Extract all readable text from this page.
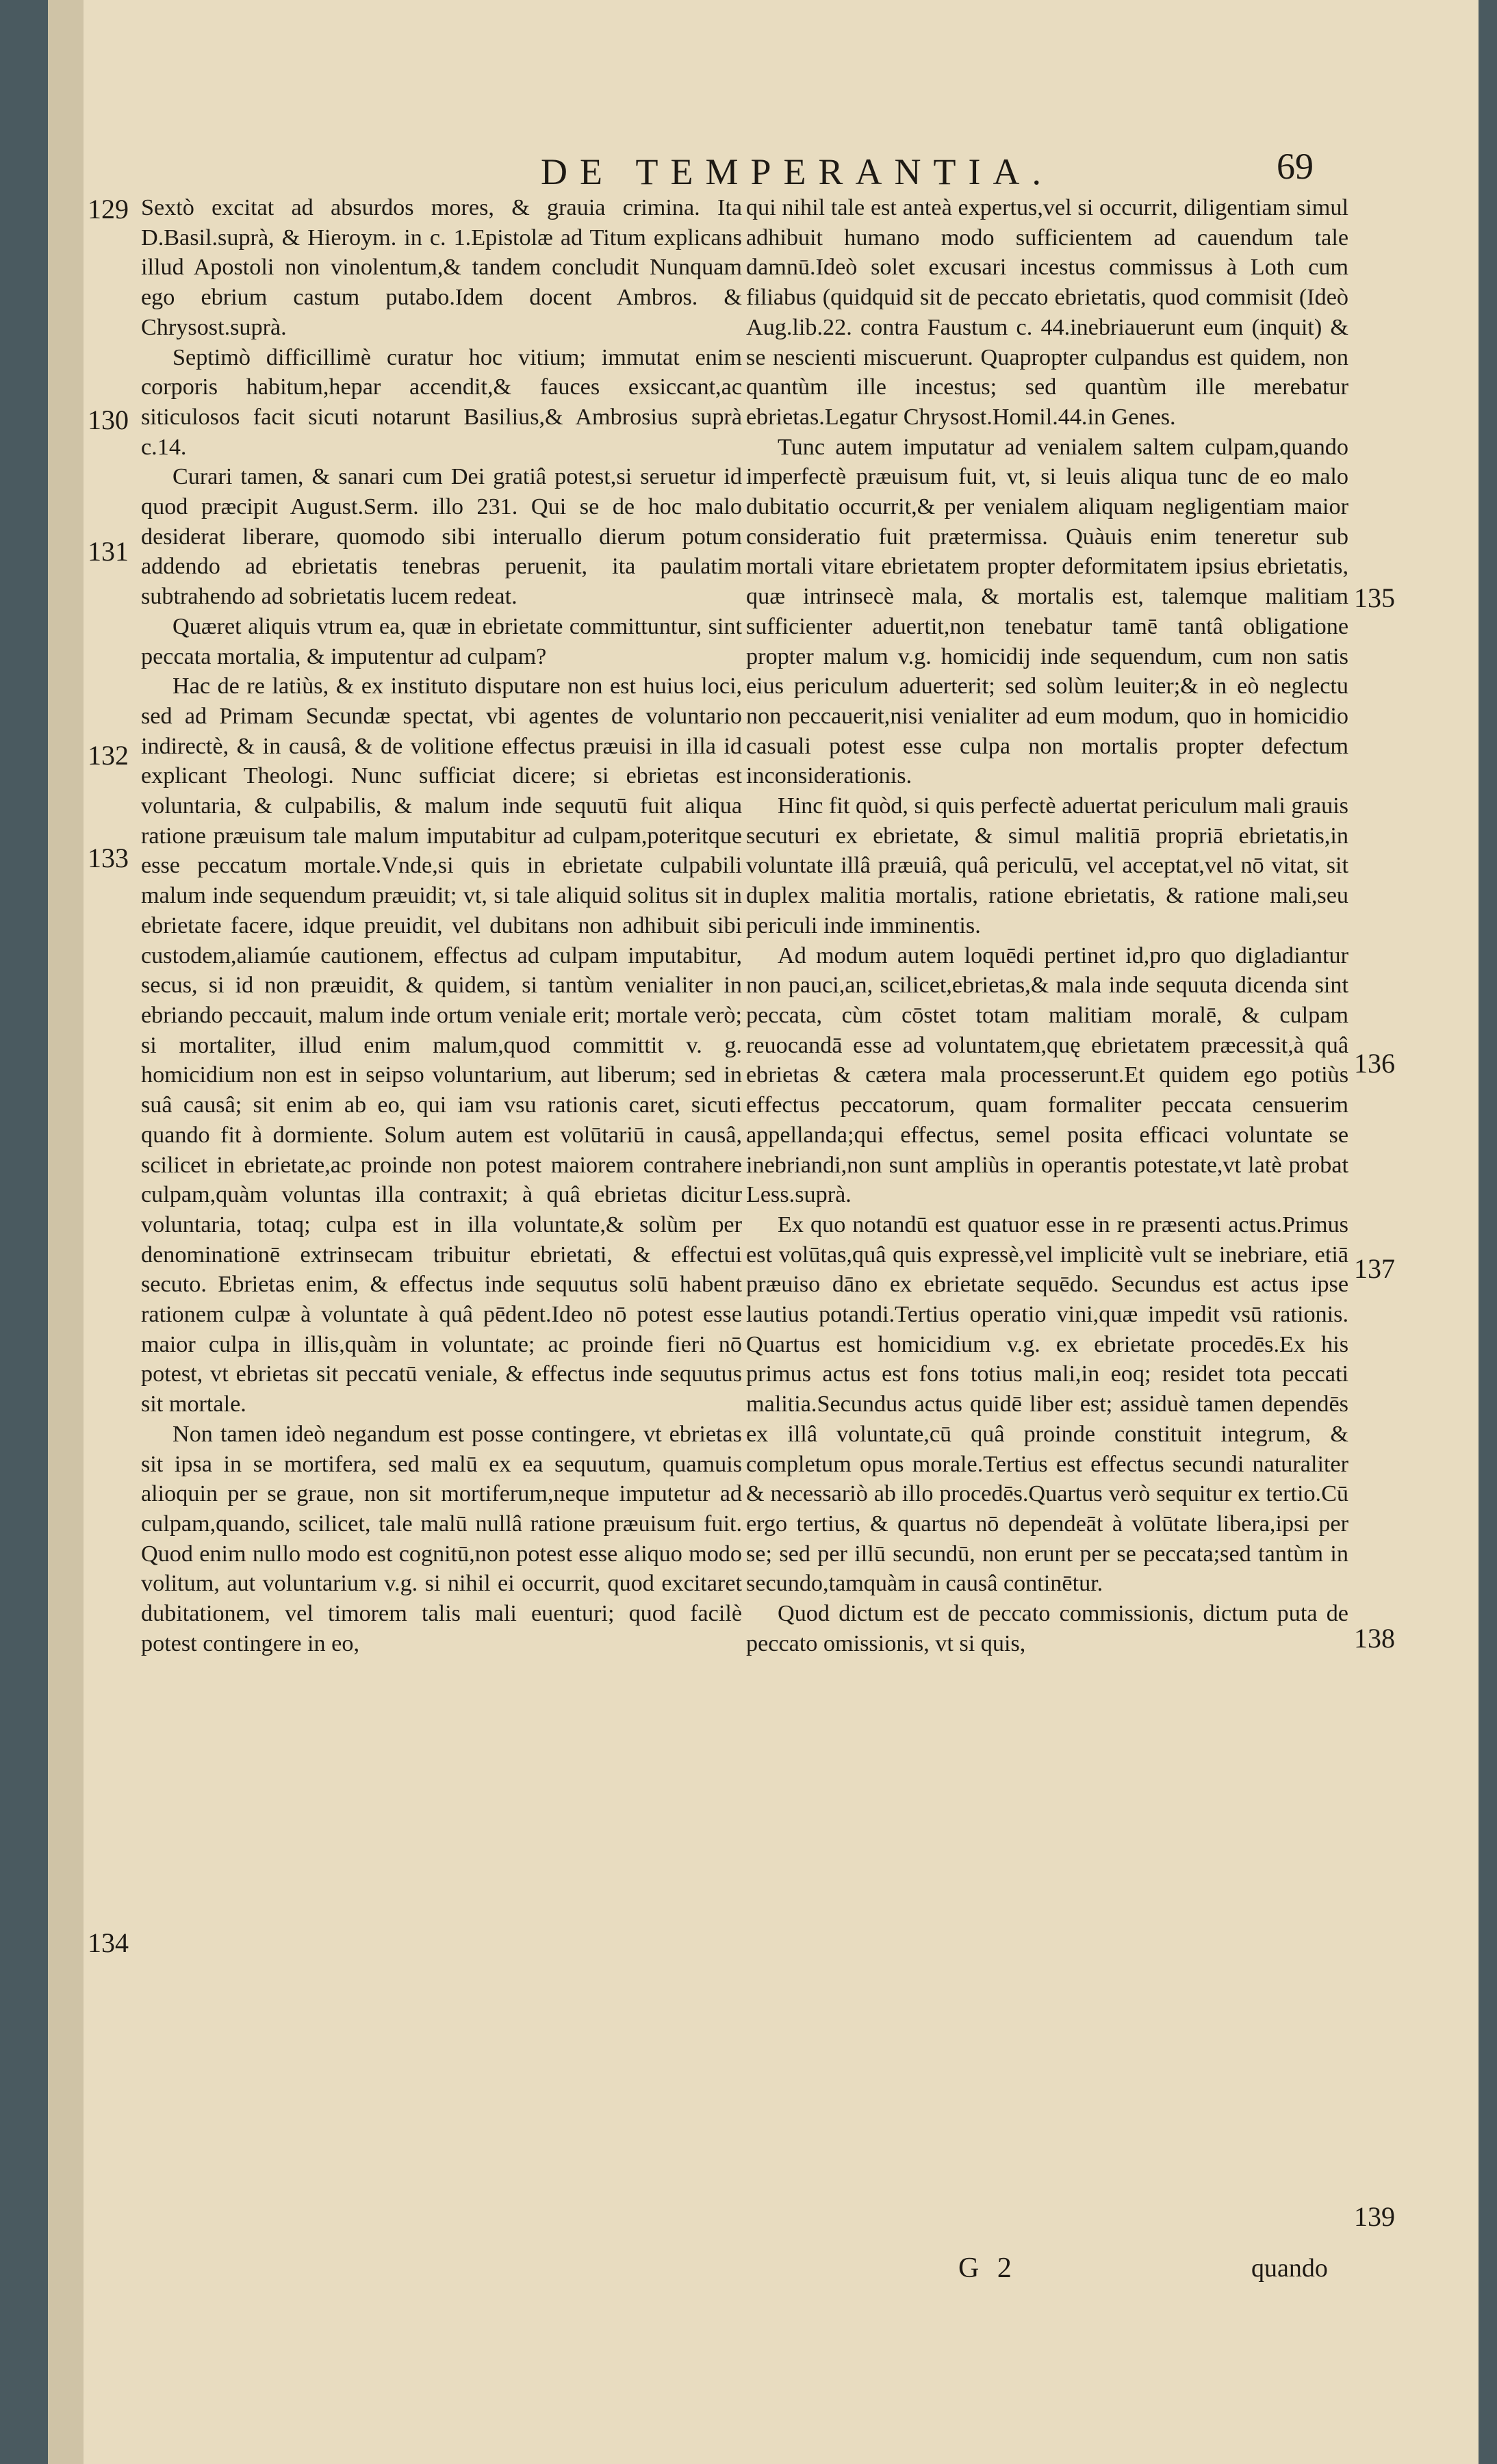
DE TEMPERANTIA.	69
129
130
131
132
133
134
135
136
137
138
139

Sextò excitat ad absurdos mores, & grauia crimina. Ita D.Basil.suprà, & Hieroym. in c. 1.Epistolæ ad Titum explicans illud Apostoli non vinolentum,& tandem concludit Nunquam ego ebrium castum putabo.Idem docent Ambros. & Chrysost.suprà.

Septimò difficillimè curatur hoc vitium; immutat enim corporis habitum,hepar accendit,& fauces exsiccant,ac siticulosos facit sicuti notarunt Basilius,& Ambrosius suprà c.14.

Curari tamen, & sanari cum Dei gratiâ potest,si seruetur id quod præcipit August.Serm. illo 231. Qui se de hoc malo desiderat liberare, quomodo sibi interuallo dierum potum addendo ad ebrietatis tenebras peruenit, ita paulatim subtrahendo ad sobrietatis lucem redeat.

Quæret aliquis vtrum ea, quæ in ebrietate committuntur, sint peccata mortalia, & imputentur ad culpam?

Hac de re latiùs, & ex instituto disputare non est huius loci, sed ad Primam Secundæ spectat, vbi agentes de voluntario indirectè, & in causâ, & de volitione effectus præuisi in illa id explicant Theologi. Nunc sufficiat dicere; si ebrietas est voluntaria, & culpabilis, & malum inde sequutū fuit aliqua ratione præuisum tale malum imputabitur ad culpam,poteritque esse peccatum mortale.Vnde,si quis in ebrietate culpabili malum inde sequendum præuidit; vt, si tale aliquid solitus sit in ebrietate facere, idque preuidit, vel dubitans non adhibuit sibi custodem,aliamúe cautionem, effectus ad culpam imputabitur, secus, si id non præuidit, & quidem, si tantùm venialiter in ebriando peccauit, malum inde ortum veniale erit; mortale verò; si mortaliter, illud enim malum,quod committit v. g. homicidium non est in seipso voluntarium, aut liberum; sed in suâ causâ; sit enim ab eo, qui iam vsu rationis caret, sicuti quando fit à dormiente. Solum autem est volūtariū in causâ, scilicet in ebrietate,ac proinde non potest maiorem contrahere culpam,quàm voluntas illa contraxit; à quâ ebrietas dicitur voluntaria, totaq; culpa est in illa voluntate,& solùm per denominationē extrinsecam tribuitur ebrietati, & effectui secuto. Ebrietas enim, & effectus inde sequutus solū habent rationem culpæ à voluntate à quâ pēdent.Ideo nō potest esse maior culpa in illis,quàm in voluntate; ac proinde fieri nō potest, vt ebrietas sit peccatū veniale, & effectus inde sequutus sit mortale.

Non tamen ideò negandum est posse contingere, vt ebrietas sit ipsa in se mortifera, sed malū ex ea sequutum, quamuis alioquin per se graue, non sit mortiferum,neque imputetur ad culpam,quando, scilicet, tale malū nullâ ratione præuisum fuit. Quod enim nullo modo est cognitū,non potest esse aliquo modo volitum, aut voluntarium v.g. si nihil ei occurrit, quod excitaret dubitationem, vel timorem talis mali euenturi; quod facilè potest contingere in eo,

qui nihil tale est anteà expertus,vel si occurrit, diligentiam simul adhibuit humano modo sufficientem ad cauendum tale damnū.Ideò solet excusari incestus commissus à Loth cum filiabus (quidquid sit de peccato ebrietatis, quod commisit (Ideò Aug.lib.22. contra Faustum c. 44.inebriauerunt eum (inquit) & se nescienti miscuerunt. Quapropter culpandus est quidem, non quantùm ille incestus; sed quantùm ille merebatur ebrietas.Legatur Chrysost.Homil.44.in Genes.

Tunc autem imputatur ad venialem saltem culpam,quando imperfectè præuisum fuit, vt, si leuis aliqua tunc de eo malo dubitatio occurrit,& per venialem aliquam negligentiam maior consideratio fuit prætermissa. Quàuis enim teneretur sub mortali vitare ebrietatem propter deformitatem ipsius ebrietatis, quæ intrinsecè mala, & mortalis est, talemque malitiam sufficienter aduertit,non tenebatur tamē tantâ obligatione propter malum v.g. homicidij inde sequendum, cum non satis eius periculum aduerterit; sed solùm leuiter;& in eò neglectu non peccauerit,nisi venialiter ad eum modum, quo in homicidio casuali potest esse culpa non mortalis propter defectum inconsiderationis.

Hinc fit quòd, si quis perfectè aduertat periculum mali grauis secuturi ex ebrietate, & simul malitiā propriā ebrietatis,in voluntate illâ præuiâ, quâ periculū, vel acceptat,vel nō vitat, sit duplex malitia mortalis, ratione ebrietatis, & ratione mali,seu periculi inde imminentis.

Ad modum autem loquēdi pertinet id,pro quo digladiantur non pauci,an, scilicet,ebrietas,& mala inde sequuta dicenda sint peccata, cùm cōstet totam malitiam moralē, & culpam reuocandā esse ad voluntatem,quę ebrietatem præcessit,à quâ ebrietas & cætera mala processerunt.Et quidem ego potiùs effectus peccatorum, quam formaliter peccata censuerim appellanda;qui effectus, semel posita efficaci voluntate se inebriandi,non sunt ampliùs in operantis potestate,vt latè probat Less.suprà.

Ex quo notandū est quatuor esse in re præsenti actus.Primus est volūtas,quâ quis expressè,vel implicitè vult se inebriare, etiā præuiso dāno ex ebrietate sequēdo. Secundus est actus ipse lautius potandi.Tertius operatio vini,quæ impedit vsū rationis. Quartus est homicidium v.g. ex ebrietate procedēs.Ex his primus actus est fons totius mali,in eoq; residet tota peccati malitia.Secundus actus quidē liber est; assiduè tamen dependēs ex illâ voluntate,cū quâ proinde constituit integrum, & completum opus morale.Tertius est effectus secundi naturaliter & necessariò ab illo procedēs.Quartus verò sequitur ex tertio.Cū ergo tertius, & quartus nō dependeāt à volūtate libera,ipsi per se; sed per illū secundū, non erunt per se peccata;sed tantùm in secundo,tamquàm in causâ continētur.

Quod dictum est de peccato commissionis, dictum puta de peccato omissionis, vt si quis,

G 2	quando
